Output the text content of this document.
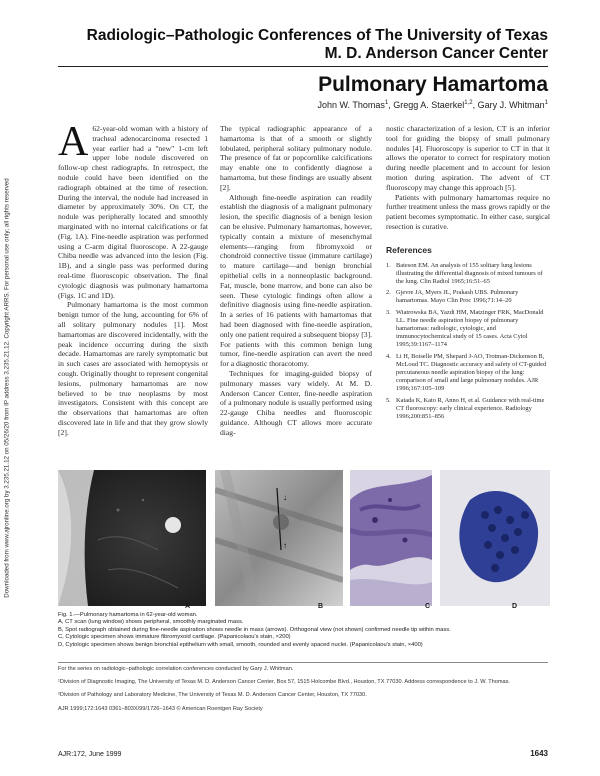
Downloaded from www.ajronline.org by 3.235.21.12 on 05/26/20 from IP address 3.235.21.12. Copyright ARRS. For personal use only; all rights reserved
Radiologic–Pathologic Conferences of The University of Texas
M. D. Anderson Cancer Center
Pulmonary Hamartoma
John W. Thomas$^1$, Gregg A. Staerkel$^{1,2}$, Gary J. Whitman$^1$

A 62-year-old woman with a history of tracheal adenocarcinoma resected 1 year earlier had a "new" 1-cm left upper lobe nodule discovered on follow-up chest radiographs. In retrospect, the nodule could have been identified on the radiograph obtained at the time of resection. During the interval, the nodule had increased in diameter by approximately 30%. On CT, the nodule was peripherally located and smoothly marginated with no internal calcifications or fat (Fig. 1A). Fine-needle aspiration was performed using a C-arm digital fluoroscope. A 22-gauge Chiba needle was advanced into the lesion (Fig. 1B), and a single pass was performed during real-time fluoroscopic observation. The final cytologic diagnosis was pulmonary hamartoma (Figs. 1C and 1D).

Pulmonary hamartoma is the most common benign tumor of the lung, accounting for 6% of all solitary pulmonary nodules [1]. Most hamartomas are discovered incidentally, with the peak incidence occurring during the sixth decade. Hamartomas are rarely symptomatic but in such cases are associated with hemoptysis or cough. Originally thought to represent congenital lesions, pulmonary hamartomas are now believed to be true neoplasms by most investigators. Consistent with this concept are the observations that hamartomas are often discovered late in life and that they grow slowly [2].

The typical radiographic appearance of a hamartoma is that of a smooth or slightly lobulated, peripheral solitary pulmonary nodule. The presence of fat or popcornlike calcifications may enable one to confidently diagnose a hamartoma, but these findings are usually absent [2].

Although fine-needle aspiration can readily establish the diagnosis of a malignant pulmonary lesion, the specific diagnosis of a benign lesion can be elusive. Pulmonary hamartomas, however, typically contain a mixture of mesenchymal elements—ranging from fibromyxoid or chondroid connective tissue (immature cartilage) to mature cartilage—and benign bronchial epithelial cells in a nonneoplastic background. Fat, muscle, bone marrow, and bone can also be seen. These cytologic findings often allow a definitive diagnosis using fine-needle aspiration. In a series of 16 patients with hamartomas that had been diagnosed with fine-needle aspiration, only one patient required a subsequent biopsy [3]. For patients with this common benign lung tumor, fine-needle aspiration can avert the need for a diagnostic thoracotomy.

Techniques for imaging-guided biopsy of pulmonary masses vary widely. At M. D. Anderson Cancer Center, fine-needle aspiration of a pulmonary nodule is usually performed using 22-gauge Chiba needles and fluoroscopic guidance. Although CT allows more accurate diag-

nostic characterization of a lesion, CT is an inferior tool for guiding the biopsy of small pulmonary nodules [4]. Fluoroscopy is superior to CT in that it allows the operator to correct for respiratory motion during needle placement and to account for lesion motion during aspiration. The advent of CT fluoroscopy may change this approach [5].

Patients with pulmonary hamartomas require no further treatment unless the mass grows rapidly or the patient becomes symptomatic. In either case, surgical resection is curative.

References
1. Bateson EM. An analysis of 155 solitary lung lesions illustrating the differential diagnosis of mixed tumours of the lung. Clin Radiol 1965;16:51–65
2. Gjevre JA, Myers JL, Prakash UBS. Pulmonary hamartomas. Mayo Clin Proc 1996;71:14–20
3. Wiatrowska BA, Yazdi HM, Matzinger FRK, MacDonald LL. Fine needle aspiration biopsy of pulmonary hamartomas: radiologic, cytologic, and immunocytochemical study of 15 cases. Acta Cytol 1995;39:1167–1174
4. Li H, Boiselle PM, Shepard J-AO, Trotman-Dickenson B, McLoud TC. Diagnostic accuracy and safety of CT-guided percutaneous needle aspiration biopsy of the lung: comparison of small and large pulmonary nodules. AJR 1996;167:105–109
5. Katada K, Kato R, Anno H, et al. Guidance with real-time CT fluoroscopy: early clinical experience. Radiology 1996;200:851–856
↓
↑
A	B	C	D
Fig. 1.—Pulmonary hamartoma in 62-year-old woman.
A, CT scan (lung window) shows peripheral, smoothly marginated mass.
B, Spot radiograph obtained during fine-needle aspiration shows needle in mass (arrows). Orthogonal view (not shown) confirmed needle tip within mass.
C, Cytologic specimen shows immature fibromyxoid cartilage. (Papanicolaou's stain, ×200)
D, Cytologic specimen shows benign bronchial epithelium with small, smooth, rounded and evenly spaced nuclei. (Papanicolaou's stain, ×400)
For the series on radiologic–pathologic correlation conferences conducted by Gary J. Whitman.
¹Division of Diagnostic Imaging, The University of Texas M. D. Anderson Cancer Center, Box 57, 1515 Holcombe Blvd., Houston, TX 77030. Address correspondence to J. W. Thomas.
²Division of Pathology and Laboratory Medicine, The University of Texas M. D. Anderson Cancer Center, Houston, TX 77030.
AJR 1999;172:1643 0361–803X/99/1726–1643 © American Roentgen Ray Society
AJR:172, June 1999	1643
